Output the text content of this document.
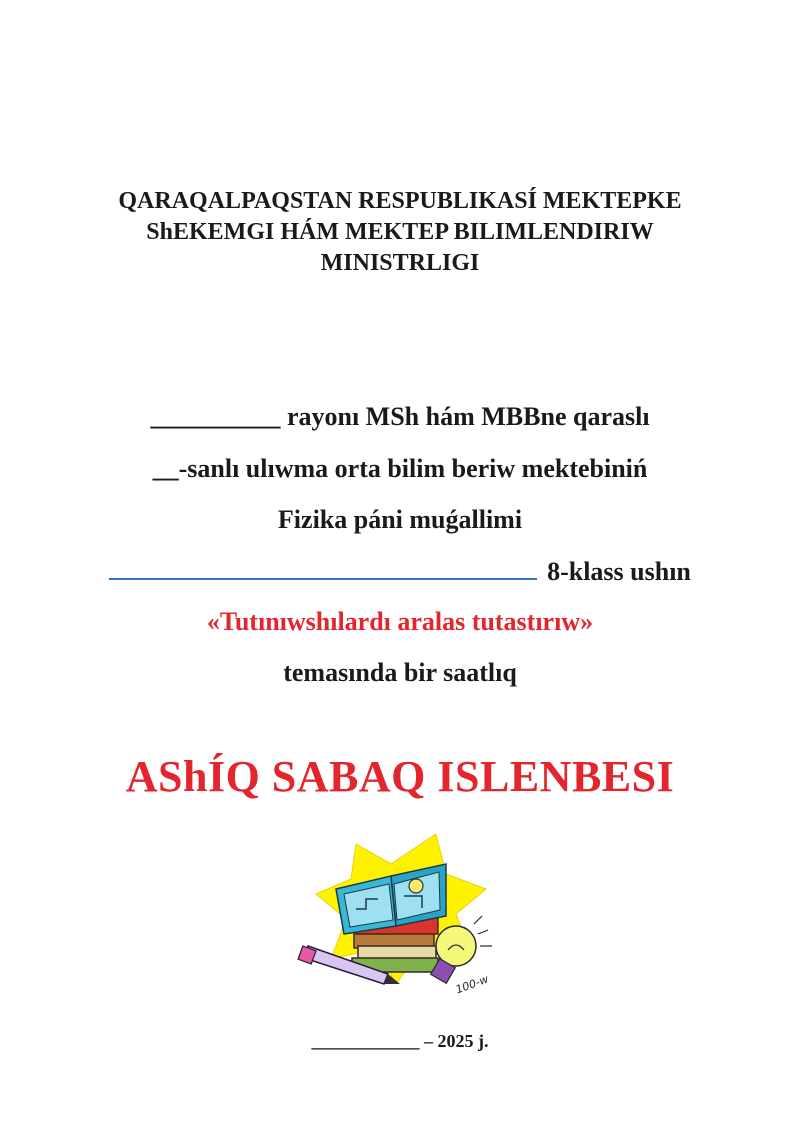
QARAQALPAQSTAN RESPUBLIKASÍ MEKTEPKE
ShEKEMGI HÁM MEKTEP BILIMLENDIRIW
MINISTRLIGI
__________ rayonı MSh hám MBBne qaraslı
__-sanlı ulıwma orta bilim beriw mektebiniń
Fizika páni muǵallimi
8-klass ushın
«Tutınıwshılardı aralas tutastırıw»
temasında bir saatlıq
AShÍQ SABAQ ISLENBESI
100-w
____________ – 2025 j.
